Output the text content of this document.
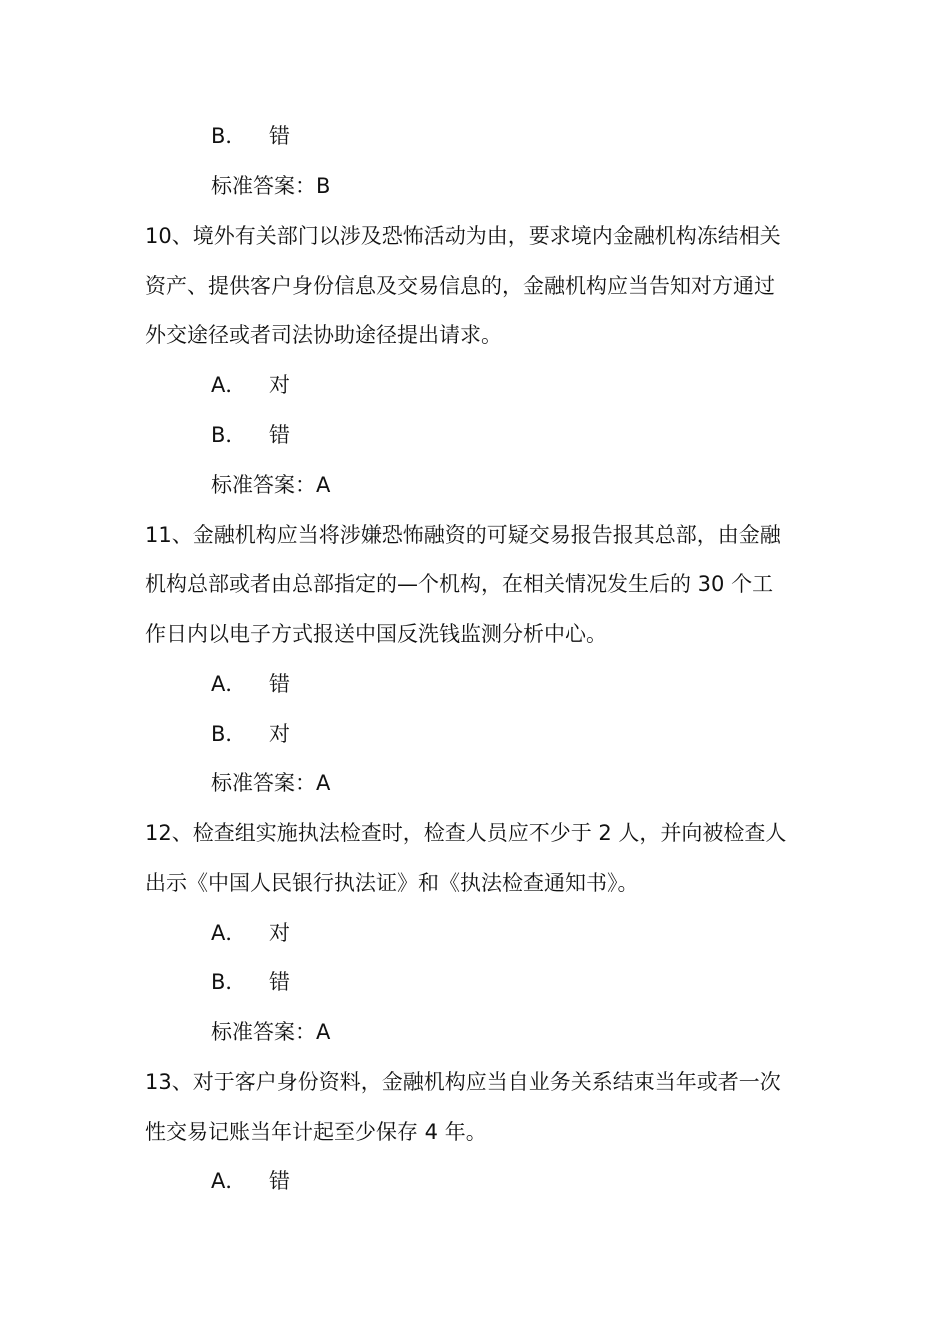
B． 错
标准答案：B
10、境外有关部门以涉及恐怖活动为由，要求境内金融机构冻结相关
资产、提供客户身份信息及交易信息的，金融机构应当告知对方通过
外交途径或者司法协助途径提出请求。
A． 对
B． 错
标准答案：A
11、金融机构应当将涉嫌恐怖融资的可疑交易报告报其总部，由金融
机构总部或者由总部指定的—个机构，在相关情况发生后的 30 个工
作日内以电子方式报送中国反洗钱监测分析中心。
A． 错
B． 对
标准答案：A
12、检查组实施执法检查时，检查人员应不少于 2 人，并向被检查人
出示《中国人民银行执法证》和《执法检查通知书》。
A． 对
B． 错
标准答案：A
13、对于客户身份资料，金融机构应当自业务关系结束当年或者一次
性交易记账当年计起至少保存 4 年。
A． 错
